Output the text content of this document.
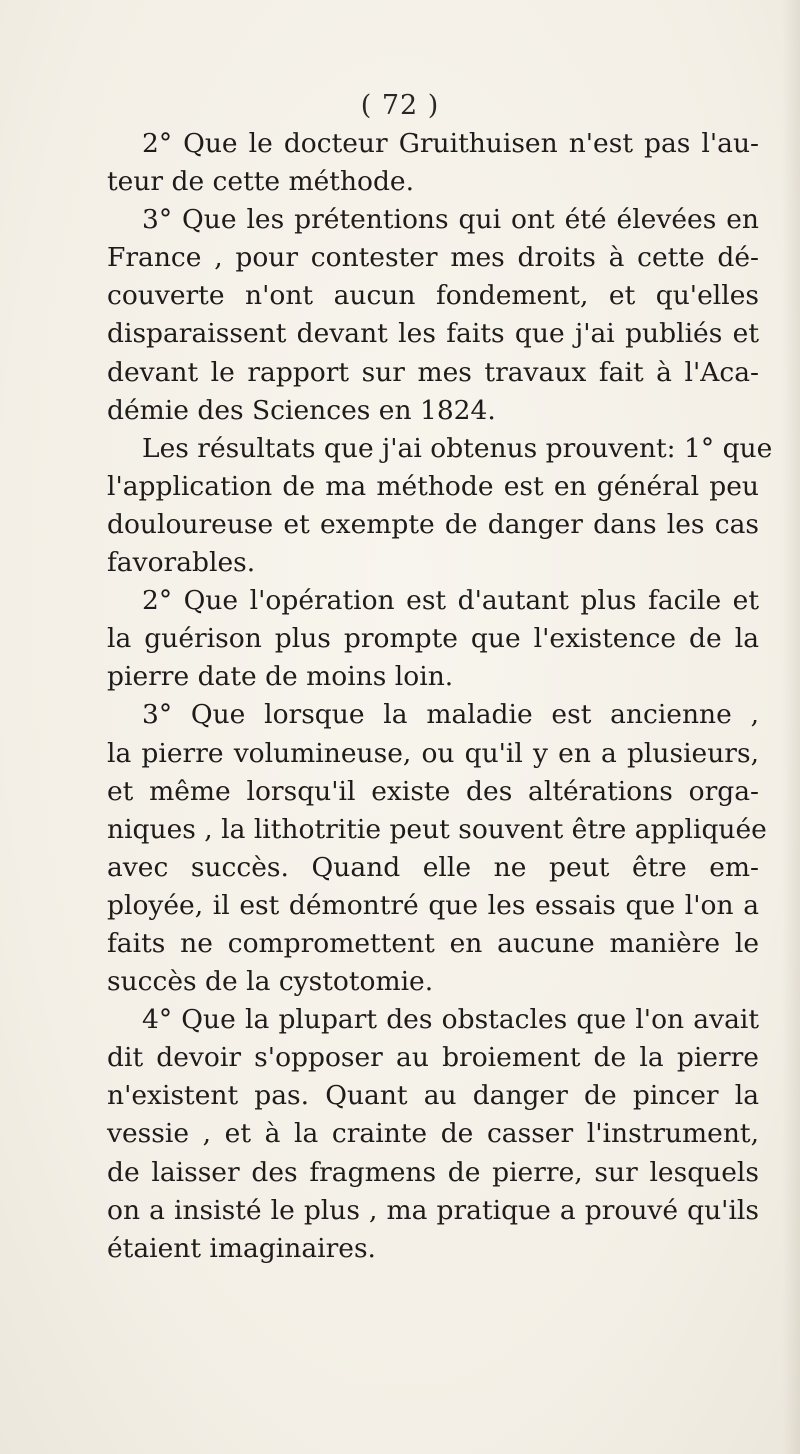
( 72 )
2° Que le docteur Gruithuisen n'est pas l'au-
teur de cette méthode.
3° Que les prétentions qui ont été élevées en
France , pour contester mes droits à cette dé-
couverte n'ont aucun fondement, et qu'elles
disparaissent devant les faits que j'ai publiés et
devant le rapport sur mes travaux fait à l'Aca-
démie des Sciences en 1824.
Les résultats que j'ai obtenus prouvent: 1° que
l'application de ma méthode est en général peu
douloureuse et exempte de danger dans les cas
favorables.
2° Que l'opération est d'autant plus facile et
la guérison plus prompte que l'existence de la
pierre date de moins loin.
3° Que lorsque la maladie est ancienne ,
la pierre volumineuse, ou qu'il y en a plusieurs,
et même lorsqu'il existe des altérations orga-
niques , la lithotritie peut souvent être appliquée
avec succès. Quand elle ne peut être em-
ployée, il est démontré que les essais que l'on a
faits ne compromettent en aucune manière le
succès de la cystotomie.
4° Que la plupart des obstacles que l'on avait
dit devoir s'opposer au broiement de la pierre
n'existent pas. Quant au danger de pincer la
vessie , et à la crainte de casser l'instrument,
de laisser des fragmens de pierre, sur lesquels
on a insisté le plus , ma pratique a prouvé qu'ils
étaient imaginaires.
